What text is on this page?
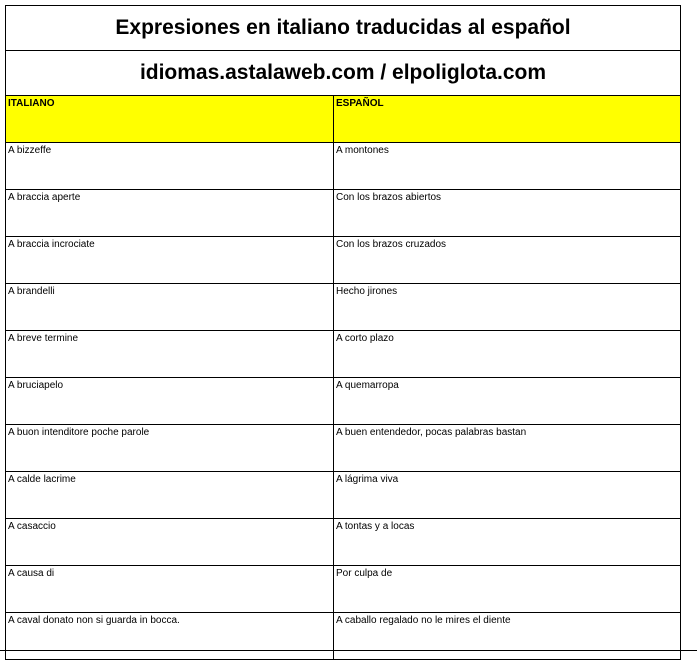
Expresiones en italiano traducidas al español	
idiomas.astalaweb.com / elpoliglota.com	
ITALIANO	ESPAÑOL
A bizzeffe	A montones
A braccia aperte	Con los brazos abiertos
A braccia incrociate	Con los brazos cruzados
A brandelli	Hecho jirones
A breve termine	A corto plazo
A bruciapelo	A quemarropa
A buon intenditore poche parole	A buen entendedor, pocas palabras bastan
A calde lacrime	A lágrima viva
A casaccio	A tontas y a locas
A causa di	Por culpa de
A caval donato non si guarda in bocca.	A caballo regalado no le mires el diente
